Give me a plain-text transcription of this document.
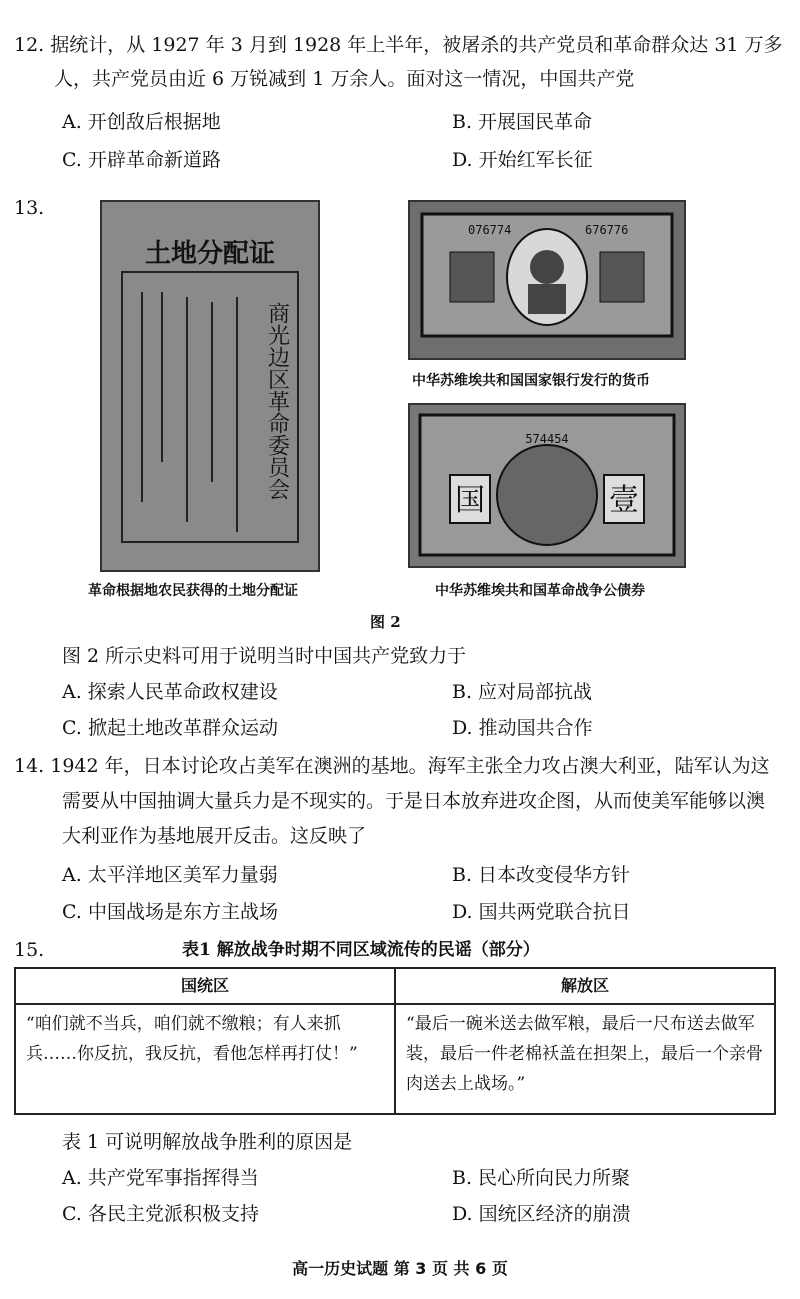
12. 据统计，从 1927 年 3 月到 1928 年上半年，被屠杀的共产党员和革命群众达 31 万多
人，共产党员由近 6 万锐减到 1 万余人。面对这一情况，中国共产党
A. 开创敌后根据地	B. 开展国民革命
C. 开辟革命新道路	D. 开始红军长征
13.
土地分配证
商光边区革命委员会
076774	676776
中华苏维埃共和国国家银行发行的货币
国	壹
574454
革命根据地农民获得的土地分配证	中华苏维埃共和国革命战争公债券
图 2
图 2 所示史料可用于说明当时中国共产党致力于
A. 探索人民革命政权建设	B. 应对局部抗战
C. 掀起土地改革群众运动	D. 推动国共合作
14. 1942 年，日本讨论攻占美军在澳洲的基地。海军主张全力攻占澳大利亚，陆军认为这
需要从中国抽调大量兵力是不现实的。于是日本放弃进攻企图，从而使美军能够以澳
大利亚作为基地展开反击。这反映了
A. 太平洋地区美军力量弱	B. 日本改变侵华方针
C. 中国战场是东方主战场	D. 国共两党联合抗日
15.	表1 解放战争时期不同区域流传的民谣（部分）
国统区	解放区
“咱们就不当兵，咱们就不缴粮；有人来抓兵……你反抗，我反抗，看他怎样再打仗！”	“最后一碗米送去做军粮，最后一尺布送去做军装，最后一件老棉袄盖在担架上，最后一个亲骨肉送去上战场。”
表 1 可说明解放战争胜利的原因是
A. 共产党军事指挥得当	B. 民心所向民力所聚
C. 各民主党派积极支持	D. 国统区经济的崩溃
高一历史试题 第 3 页 共 6 页
